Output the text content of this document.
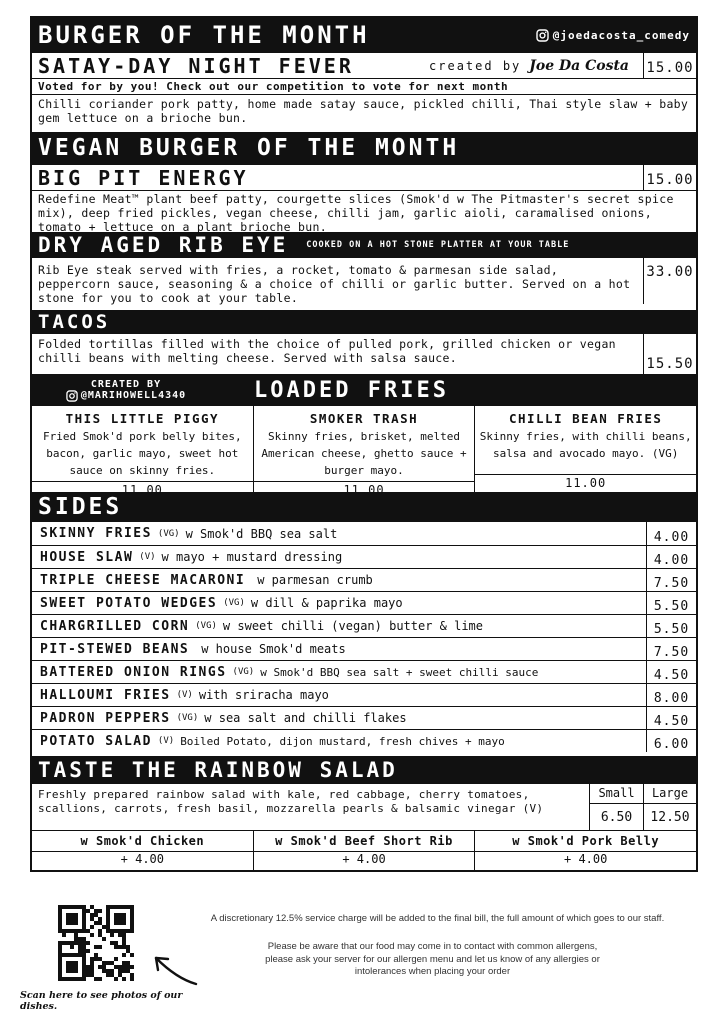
BURGER OF THE MONTH	@joedacosta_comedy
SATAY-DAY NIGHT FEVER	created by Joe Da Costa 15.00
Voted for by you! Check out our competition to vote for next month
Chilli coriander pork patty, home made satay sauce, pickled chilli, Thai style slaw + baby gem lettuce on a brioche bun.
VEGAN BURGER OF THE MONTH
BIG PIT ENERGY	15.00
Redefine Meat™ plant beef patty, courgette slices (Smok'd w The Pitmaster's secret spice mix), deep fried pickles, vegan cheese, chilli jam, garlic aioli, caramalised onions, tomato + lettuce on a plant brioche bun.
DRY AGED RIB EYE COOKED ON A HOT STONE PLATTER AT YOUR TABLE
Rib Eye steak served with fries, a rocket, tomato & parmesan side salad, peppercorn sauce, seasoning & a choice of chilli or garlic butter. Served on a hot stone for you to cook at your table.
33.00
TACOS
Folded tortillas filled with the choice of pulled pork, grilled chicken or vegan chilli beans with melting cheese. Served with salsa sauce.	15.50
CREATED BY
@MARIHOWELL4340	LOADED FRIES
THIS LITTLE PIGGY
Fried Smok'd pork belly bites, bacon, garlic mayo, sweet hot sauce on skinny fries.
11.00
SMOKER TRASH
Skinny fries, brisket, melted American cheese, ghetto sauce + burger mayo.
11.00
CHILLI BEAN FRIES
Skinny fries, with chilli beans, salsa and avocado mayo. (VG)
11.00
SIDES
SKINNY FRIES (VG) w Smok'd BBQ sea salt	4.00
HOUSE SLAW (V) w mayo + mustard dressing	4.00
TRIPLE CHEESE MACARONI w parmesan crumb	7.50
SWEET POTATO WEDGES (VG) w dill & paprika mayo	5.50
CHARGRILLED CORN (VG) w sweet chilli (vegan) butter & lime	5.50
PIT-STEWED BEANS w house Smok'd meats	7.50
BATTERED ONION RINGS (VG) w Smok'd BBQ sea salt + sweet chilli sauce	4.50
HALLOUMI FRIES (V) with sriracha mayo	8.00
PADRON PEPPERS (VG) w sea salt and chilli flakes	4.50
POTATO SALAD (V) Boiled Potato, dijon mustard, fresh chives + mayo	6.00
TASTE THE RAINBOW SALAD
Freshly prepared rainbow salad with kale, red cabbage, cherry tomatoes, scallions, carrots, fresh basil, mozzarella pearls & balsamic vinegar (V)
Small
6.50
Large
12.50
w Smok'd Chicken
+ 4.00
w Smok'd Beef Short Rib
+ 4.00
w Smok'd Pork Belly
+ 4.00
Scan here to see photos of our dishes.
A discretionary 12.5% service charge will be added to the final bill, the full amount of which goes to our staff.
Please be aware that our food may come in to contact with common allergens, please ask your server for our allergen menu and let us know of any allergies or intolerances when placing your order
